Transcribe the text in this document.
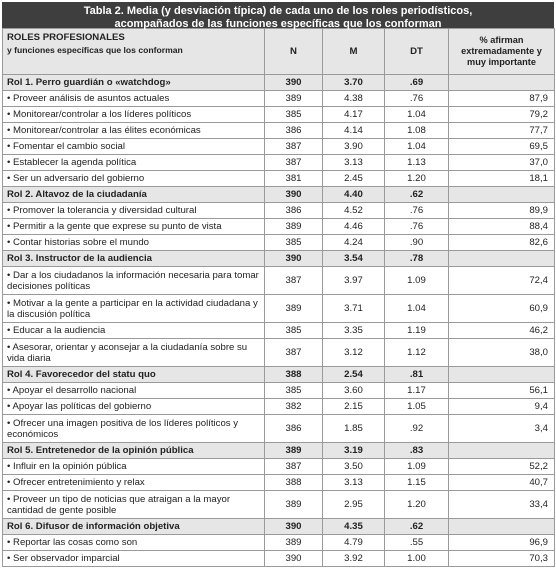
Tabla 2. Media (y desviación típica) de cada uno de los roles periodísticos,
acompañados de las funciones específicas que los conforman
ROLES PROFESIONALES
y funciones específicas que los conforman	N	M	DT	% afirman extremadamente y muy importante
Rol 1. Perro guardián o «watchdog»	390	3.70	.69	
• Proveer análisis de asuntos actuales	389	4.38	.76	87,9
• Monitorear/controlar a los líderes políticos	385	4.17	1.04	79,2
• Monitorear/controlar a las élites económicas	386	4.14	1.08	77,7
• Fomentar el cambio social	387	3.90	1.04	69,5
• Establecer la agenda política	387	3.13	1.13	37,0
• Ser un adversario del gobierno	381	2.45	1.20	18,1
Rol 2. Altavoz de la ciudadanía	390	4.40	.62	
• Promover la tolerancia y diversidad cultural	386	4.52	.76	89,9
• Permitir a la gente que exprese su punto de vista	389	4.46	.76	88,4
• Contar historias sobre el mundo	385	4.24	.90	82,6
Rol 3. Instructor de la audiencia	390	3.54	.78	
• Dar a los ciudadanos la información necesaria para tomar decisiones políticas	387	3.97	1.09	72,4
• Motivar a la gente a participar en la actividad ciudadana y la discusión política	389	3.71	1.04	60,9
• Educar a la audiencia	385	3.35	1.19	46,2
• Asesorar, orientar y aconsejar a la ciudadanía sobre su vida diaria	387	3.12	1.12	38,0
Rol 4. Favorecedor del statu quo	388	2.54	.81	
• Apoyar el desarrollo nacional	385	3.60	1.17	56,1
• Apoyar las políticas del gobierno	382	2.15	1.05	9,4
• Ofrecer una imagen positiva de los líderes políticos y económicos	386	1.85	.92	3,4
Rol 5. Entretenedor de la opinión pública	389	3.19	.83	
• Influir en la opinión pública	387	3.50	1.09	52,2
• Ofrecer entretenimiento y relax	388	3.13	1.15	40,7
• Proveer un tipo de noticias que atraigan a la mayor cantidad de gente posible	389	2.95	1.20	33,4
Rol 6. Difusor de información objetiva	390	4.35	.62	
• Reportar las cosas como son	389	4.79	.55	96,9
• Ser observador imparcial	390	3.92	1.00	70,3
